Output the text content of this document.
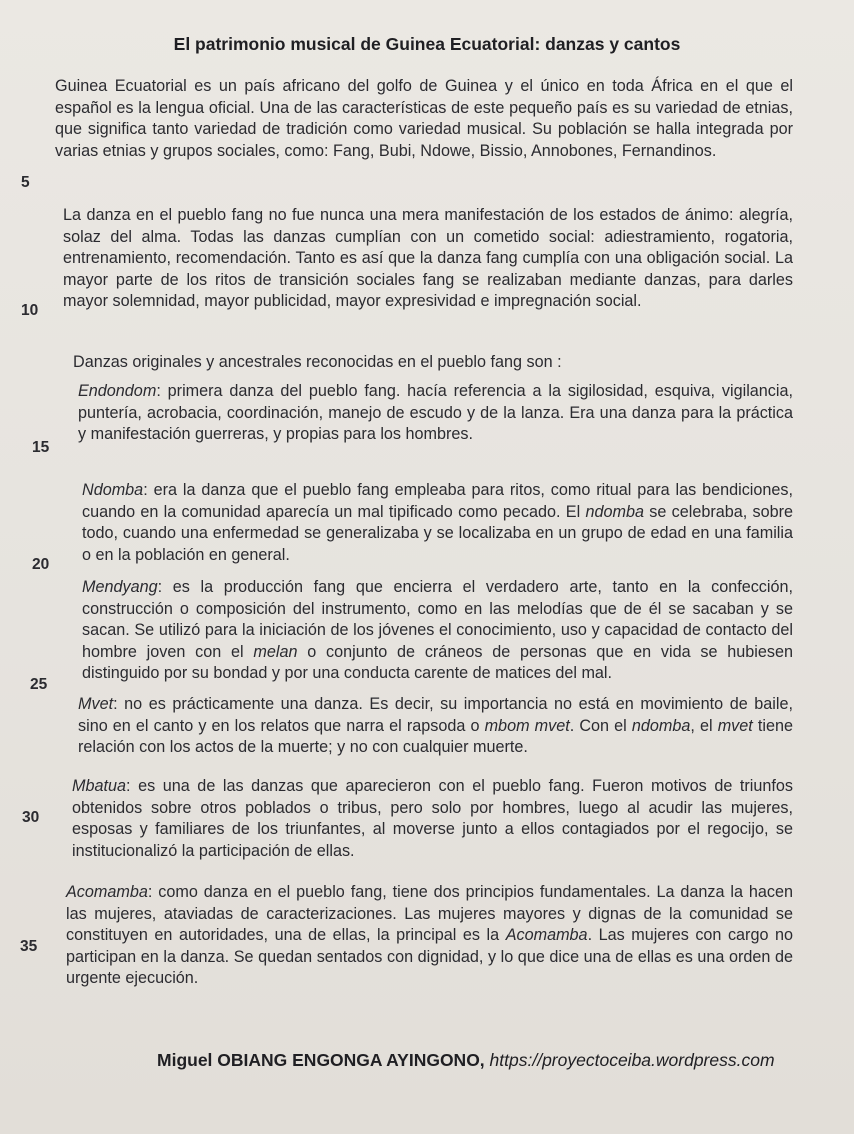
El patrimonio musical de Guinea Ecuatorial: danzas y cantos
Guinea Ecuatorial es un país africano del golfo de Guinea y el único en toda África en el que el español es la lengua oficial. Una de las características de este pequeño país es su variedad de etnias, que significa tanto variedad de tradición como variedad musical. Su población se halla integrada por varias etnias y grupos sociales, como: Fang, Bubi, Ndowe, Bissio, Annobones, Fernandinos.
5
La danza en el pueblo fang no fue nunca una mera manifestación de los estados de ánimo: alegría, solaz del alma. Todas las danzas cumplían con un cometido social: adiestramiento, rogatoria, entrenamiento, recomendación. Tanto es así que la danza fang cumplía con una obligación social. La mayor parte de los ritos de transición sociales fang se realizaban mediante danzas, para darles mayor solemnidad, mayor publicidad, mayor expresividad e impregnación social.
10
Danzas originales y ancestrales reconocidas en el pueblo fang son :
Endondom: primera danza del pueblo fang. hacía referencia a la sigilosidad, esquiva, vigilancia, puntería, acrobacia, coordinación, manejo de escudo y de la lanza. Era una danza para la práctica y manifestación guerreras, y propias para los hombres.
15
Ndomba: era la danza que el pueblo fang empleaba para ritos, como ritual para las bendiciones, cuando en la comunidad aparecía un mal tipificado como pecado. El ndomba se celebraba, sobre todo, cuando una enfermedad se generalizaba y se localizaba en un grupo de edad en una familia o en la población en general.
20
Mendyang: es la producción fang que encierra el verdadero arte, tanto en la confección, construcción o composición del instrumento, como en las melodías que de él se sacaban y se sacan. Se utilizó para la iniciación de los jóvenes el conocimiento, uso y capacidad de contacto del hombre joven con el melan o conjunto de cráneos de personas que en vida se hubiesen distinguido por su bondad y por una conducta carente de matices del mal.
25
Mvet: no es prácticamente una danza. Es decir, su importancia no está en movimiento de baile, sino en el canto y en los relatos que narra el rapsoda o mbom mvet. Con el ndomba, el mvet tiene relación con los actos de la muerte; y no con cualquier muerte.
Mbatua: es una de las danzas que aparecieron con el pueblo fang. Fueron motivos de triunfos obtenidos sobre otros poblados o tribus, pero solo por hombres, luego al acudir las mujeres, esposas y familiares de los triunfantes, al moverse junto a ellos contagiados por el regocijo, se institucionalizó la participación de ellas.
30
Acomamba: como danza en el pueblo fang, tiene dos principios fundamentales. La danza la hacen las mujeres, ataviadas de caracterizaciones. Las mujeres mayores y dignas de la comunidad se constituyen en autoridades, una de ellas, la principal es la Acomamba. Las mujeres con cargo no participan en la danza. Se quedan sentados con dignidad, y lo que dice una de ellas es una orden de urgente ejecución.
35
Miguel OBIANG ENGONGA AYINGONO, https://proyectoceiba.wordpress.com
